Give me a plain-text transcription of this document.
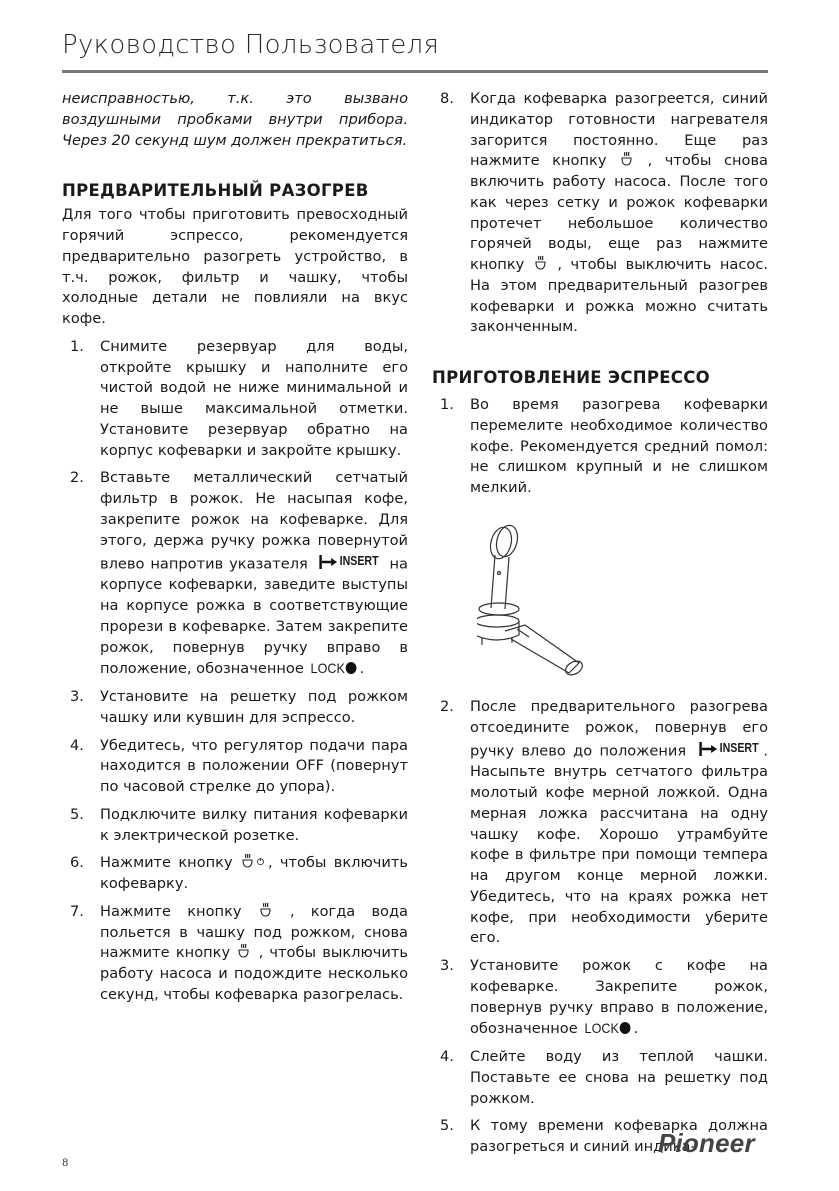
Руководство Пользователя

неисправностью, т.к. это вызвано воздушными пробками внутри прибора. Через 20 секунд шум должен прекратиться.

ПРЕДВАРИТЕЛЬНЫЙ РАЗОГРЕВ

Для того чтобы приготовить превосходный горячий эспрессо, рекомендуется предварительно разогреть устройство, в т.ч. рожок, фильтр и чашку, чтобы холодные детали не повлияли на вкус кофе.

1. Снимите резервуар для воды, откройте крышку и наполните его чистой водой не ниже минимальной и не выше максимальной отметки. Установите резервуар обратно на корпус кофеварки и закройте крышку.
2. Вставьте металлический сетчатый фильтр в рожок. Не насыпая кофе, закрепите рожок на кофеварке. Для этого, держа ручку рожка повернутой влево напротив указателя INSERT на корпусе кофеварки, заведите выступы на корпусе рожка в соответствующие прорези в кофеварке. Затем закрепите рожок, повернув ручку вправо в положение, обозначенное LOCK .
3. Установите на решетку под рожком чашку или кувшин для эспрессо.
4. Убедитесь, что регулятор подачи пара находится в положении OFF (повернут по часовой стрелке до упора).
5. Подключите вилку питания кофеварки к электрической розетке.
6. Нажмите кнопку , чтобы включить кофеварку.
7. Нажмите кнопку  , когда вода польется в чашку под рожком, снова нажмите кнопку  , чтобы выключить работу насоса и подождите несколько секунд, чтобы кофеварка разогрелась.
8. Когда кофеварка разогреется, синий индикатор готовности нагревателя загорится постоянно. Еще раз нажмите кнопку  , чтобы снова включить работу насоса. После того как через сетку и рожок кофеварки протечет небольшое количество горячей воды, еще раз нажмите кнопку  , чтобы выключить насос. На этом предварительный разогрев кофеварки и рожка можно считать законченным.
ПРИГОТОВЛЕНИЕ ЭСПРЕССО
1. Во время разогрева кофеварки перемелите необходимое количество кофе. Рекомендуется средний помол: не слишком крупный и не слишком мелкий.
2. После предварительного разогрева отсоедините рожок, повернув его ручку влево до положения INSERT . Насыпьте внутрь сетчатого фильтра молотый кофе мерной ложкой. Одна мерная ложка рассчитана на одну чашку кофе. Хорошо утрамбуйте кофе в фильтре при помощи темпера на другом конце мерной ложки. Убедитесь, что на краях рожка нет кофе, при необходимости уберите его.
3. Установите рожок с кофе на кофеварке. Закрепите рожок, повернув ручку вправо в положение, обозначенное LOCK .
4. Слейте воду из теплой чашки. Поставьте ее снова на решетку под рожком.
5. К тому времени кофеварка должна разогреться и синий индика-
8
Pioneer
